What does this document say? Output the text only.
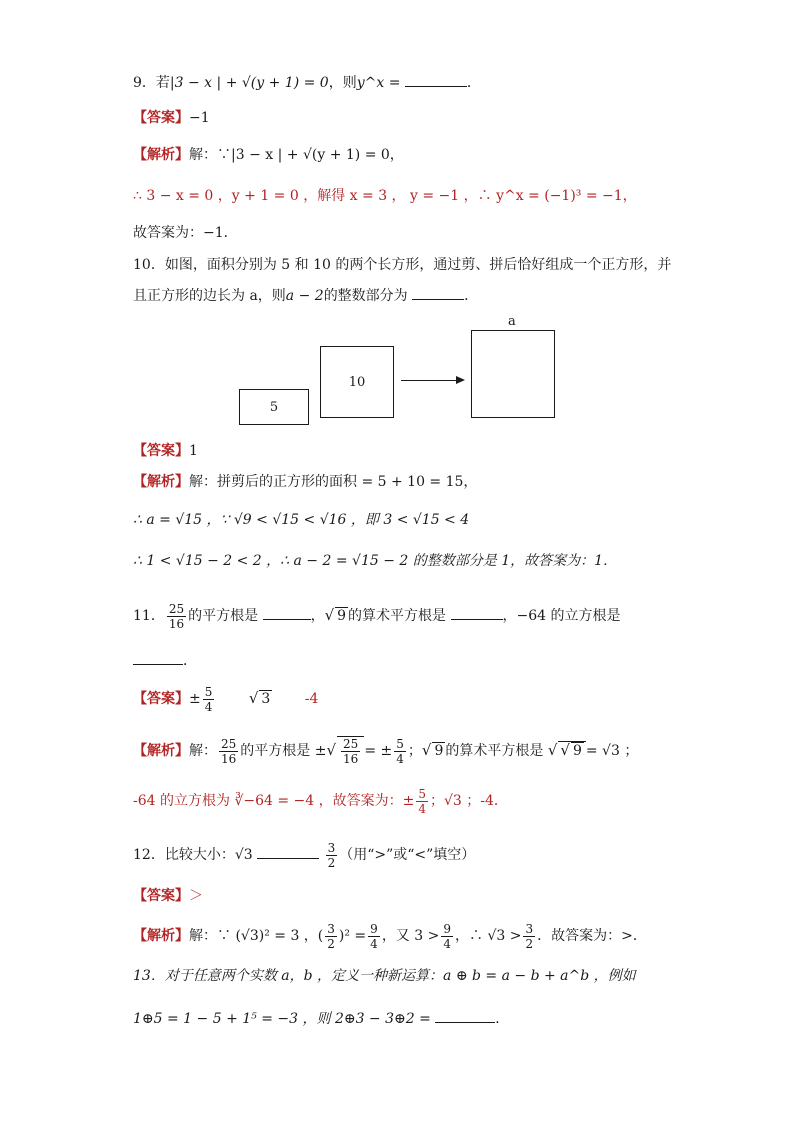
9．若|3 − x | + √(y + 1) = 0，则y^x =	．
【答案】−1
【解析】解：∵|3 − x | + √(y + 1) = 0，
∴ 3 − x = 0 ，y + 1 = 0 ，解得 x = 3 ， y = −1 ，∴ y^x = (−1)³ = −1，
故答案为：−1．
10．如图，面积分别为 5 和 10 的两个长方形，通过剪、拼后恰好组成一个正方形，并
且正方形的边长为 a，则a − 2的整数部分为	．
5
10
a
【答案】1
【解析】解：拼剪后的正方形的面积 = 5 + 10 = 15，
∴ a = √15 ，∵ √9 < √15 < √16 ，即 3 < √15 < 4
∴ 1 < √15 − 2 < 2 ，∴ a − 2 = √15 − 2 的整数部分是 1，故答案为：1．
11． $\frac{25}{16}$ 的平方根是	，√ 9 的算术平方根是	，−64 的立方根是
．
【答案】± $\frac{5}{4}$ √ 3 -4
【解析】解： $\frac{25}{16}$ 的平方根是 ±√ $\frac{25}{16}$ = ± $\frac{5}{4}$ ；√ 9 的算术平方根是 √ √ 9 = √3 ；
-64 的立方根为 ∛−64 = −4 ，故答案为：± $\frac{5}{4}$ ；√3 ；-4．
12．比较大小：√3	$\frac{3}{2}$ （用“>”或“<”填空）
【答案】＞
【解析】解：∵ (√3)² = 3 ，( $\frac{3}{2} )^2 = \frac{9}{4}$ ，又 $3 > \frac{9}{4}$ ，∴ $√3 > \frac{3}{2}$ ．故答案为：>．
13．对于任意两个实数 a，b ，定义一种新运算：a ⊕ b = a − b + a^b ，例如
1⊕5 = 1 − 5 + 1⁵ = −3 ，则 2⊕3 − 3⊕2 =	．
